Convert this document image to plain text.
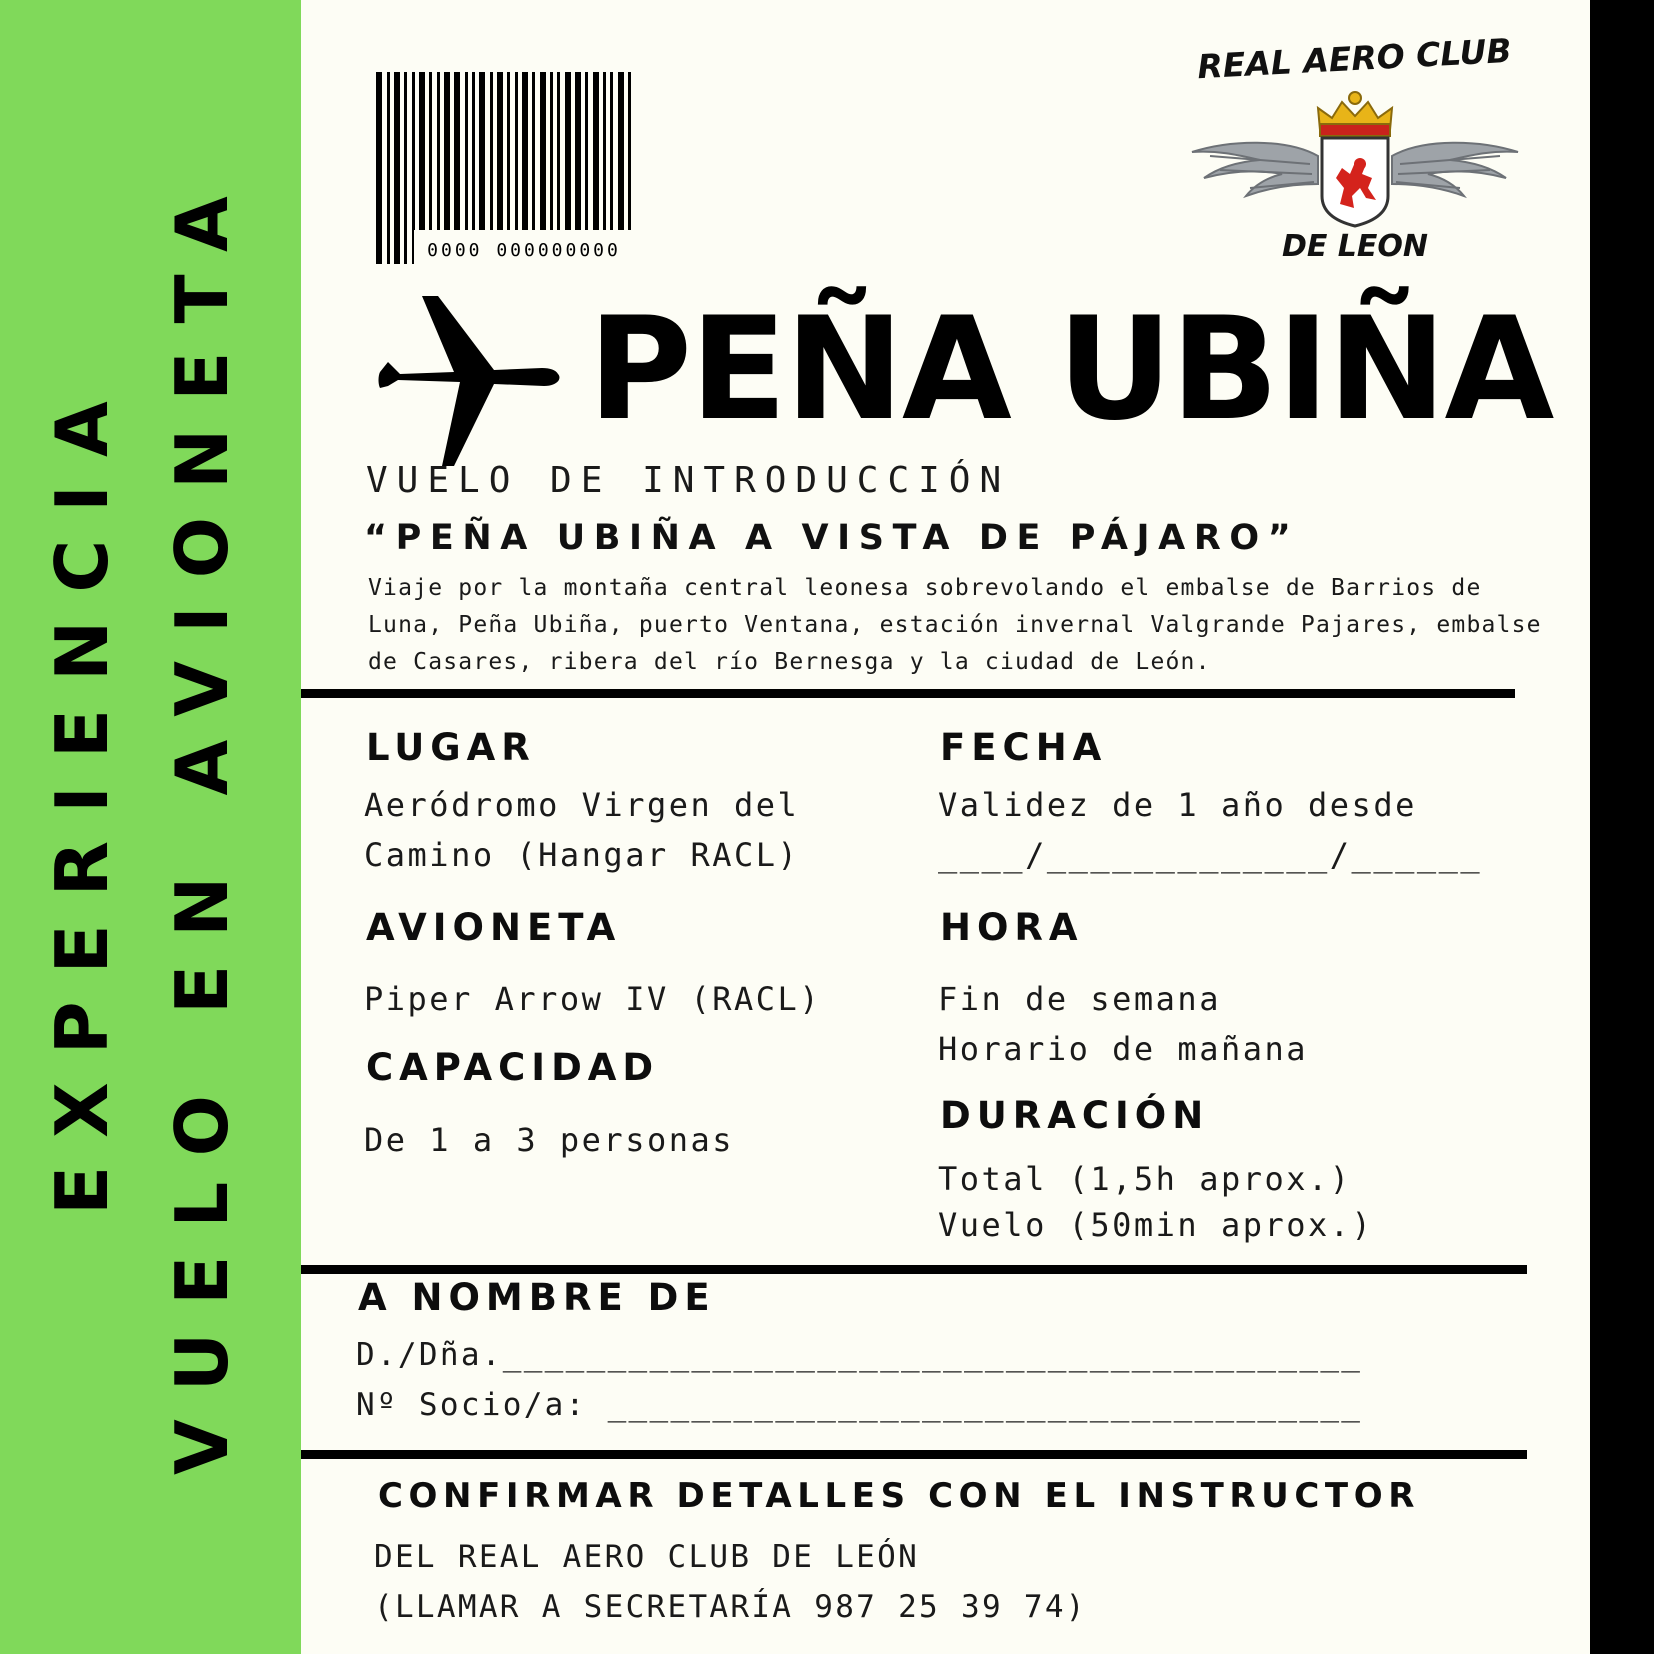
EXPERIENCIA VUELO EN AVIONETA	0000 000000000
REAL AERO CLUB
DE LEON
PEÑA UBIÑA
VUELO DE INTRODUCCIÓN
“PEÑA UBIÑA A VISTA DE PÁJARO”
Viaje por la montaña central leonesa sobrevolando el embalse de Barrios de
Luna, Peña Ubiña, puerto Ventana, estación invernal Valgrande Pajares, embalse
de Casares, ribera del río Bernesga y la ciudad de León.
LUGAR
Aeródromo Virgen del
Camino (Hangar RACL)
AVIONETA
Piper Arrow IV (RACL)
CAPACIDAD
De 1 a 3 personas
FECHA
Validez de 1 año desde
____/_____________/______
HORA
Fin de semana
Horario de mañana
DURACIÓN
Total (1,5h aprox.)
Vuelo (50min aprox.)
A NOMBRE DE
D./Dña._________________________________________
Nº Socio/a: ____________________________________
CONFIRMAR DETALLES CON EL INSTRUCTOR
DEL REAL AERO CLUB DE LEÓN
(LLAMAR A SECRETARÍA 987 25 39 74)
